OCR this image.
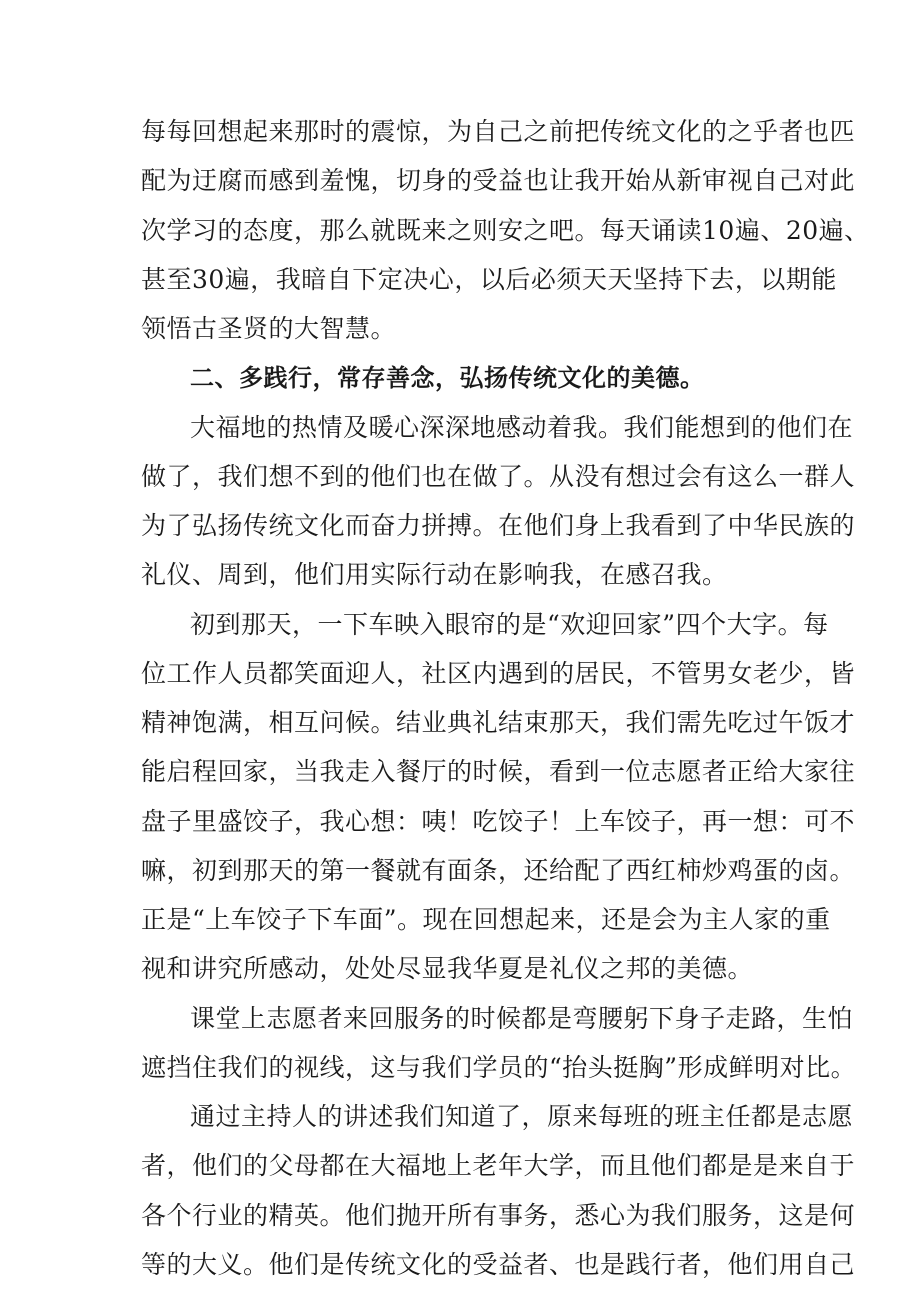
每每回想起来那时的震惊，为自己之前把传统文化的之乎者也匹
配为迂腐而感到羞愧，切身的受益也让我开始从新审视自己对此
次学习的态度，那么就既来之则安之吧。每天诵读10遍、20遍、
甚至30遍，我暗自下定决心，以后必须天天坚持下去，以期能
领悟古圣贤的大智慧。
二、多践行，常存善念，弘扬传统文化的美德。
大福地的热情及暖心深深地感动着我。我们能想到的他们在
做了，我们想不到的他们也在做了。从没有想过会有这么一群人
为了弘扬传统文化而奋力拼搏。在他们身上我看到了中华民族的
礼仪、周到，他们用实际行动在影响我，在感召我。
初到那天，一下车映入眼帘的是“欢迎回家”四个大字。每
位工作人员都笑面迎人，社区内遇到的居民，不管男女老少，皆
精神饱满，相互问候。结业典礼结束那天，我们需先吃过午饭才
能启程回家，当我走入餐厅的时候，看到一位志愿者正给大家往
盘子里盛饺子，我心想：咦！吃饺子！上车饺子，再一想：可不
嘛，初到那天的第一餐就有面条，还给配了西红柿炒鸡蛋的卤。
正是“上车饺子下车面”。现在回想起来，还是会为主人家的重
视和讲究所感动，处处尽显我华夏是礼仪之邦的美德。
课堂上志愿者来回服务的时候都是弯腰躬下身子走路，生怕
遮挡住我们的视线，这与我们学员的“抬头挺胸”形成鲜明对比。
通过主持人的讲述我们知道了，原来每班的班主任都是志愿
者，他们的父母都在大福地上老年大学，而且他们都是是来自于
各个行业的精英。他们抛开所有事务，悉心为我们服务，这是何
等的大义。他们是传统文化的受益者、也是践行者，他们用自己
